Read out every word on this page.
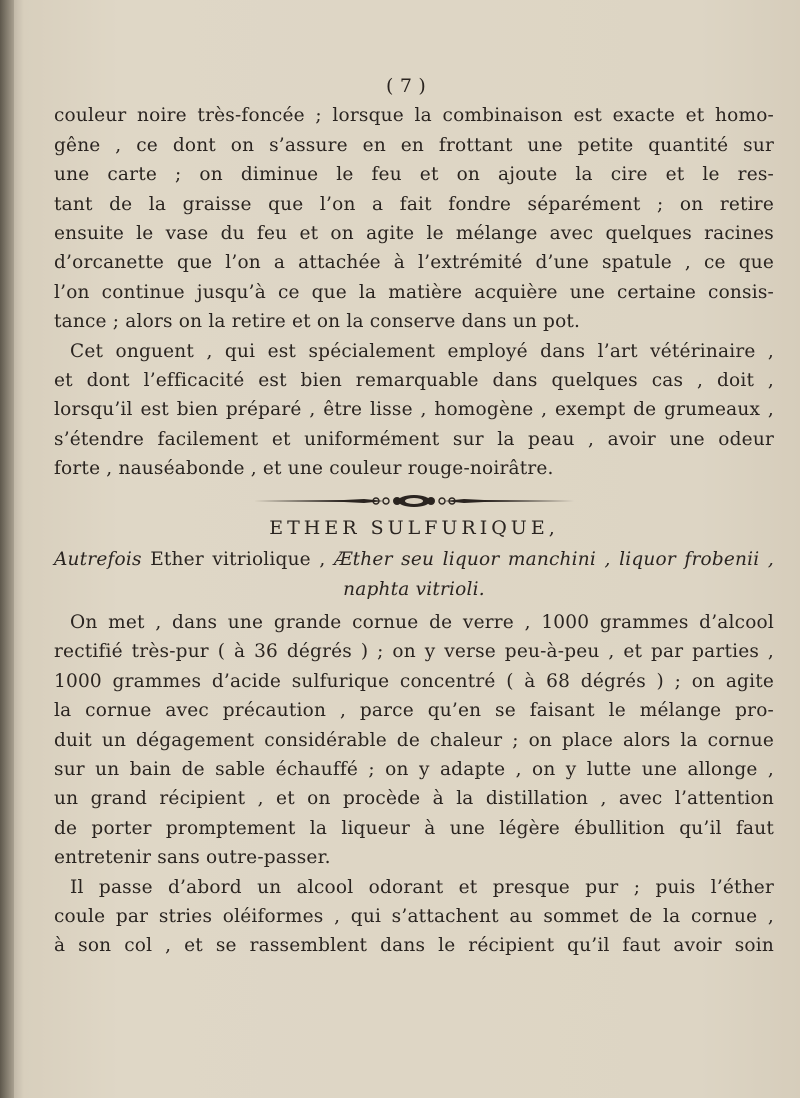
( 7 )
couleur noire très-foncée ; lorsque la combinaison est exacte et homo-
gêne , ce dont on s’assure en en frottant une petite quantité sur
une carte ; on diminue le feu et on ajoute la cire et le res-
tant de la graisse que l’on a fait fondre séparément ; on retire
ensuite le vase du feu et on agite le mélange avec quelques racines
d’orcanette que l’on a attachée à l’extrémité d’une spatule , ce que
l’on continue jusqu’à ce que la matière acquière une certaine consis-
tance ; alors on la retire et on la conserve dans un pot.
Cet onguent , qui est spécialement employé dans l’art vétérinaire ,
et dont l’efficacité est bien remarquable dans quelques cas , doit ,
lorsqu’il est bien préparé , être lisse , homogène , exempt de grumeaux ,
s’étendre facilement et uniformément sur la peau , avoir une odeur
forte , nauséabonde , et une couleur rouge-noirâtre.
ETHER SULFURIQUE,
Autrefois Ether vitriolique , Æther seu liquor manchini , liquor frobenii ,
naphta vitrioli.
On met , dans une grande cornue de verre , 1000 grammes d’alcool
rectifié très-pur ( à 36 dégrés ) ; on y verse peu-à-peu , et par parties ,
1000 grammes d’acide sulfurique concentré ( à 68 dégrés ) ; on agite
la cornue avec précaution , parce qu’en se faisant le mélange pro-
duit un dégagement considérable de chaleur ; on place alors la cornue
sur un bain de sable échauffé ; on y adapte , on y lutte une allonge ,
un grand récipient , et on procède à la distillation , avec l’attention
de porter promptement la liqueur à une légère ébullition qu’il faut
entretenir sans outre-passer.
Il passe d’abord un alcool odorant et presque pur ; puis l’éther
coule par stries oléiformes , qui s’attachent au sommet de la cornue ,
à son col , et se rassemblent dans le récipient qu’il faut avoir soin
